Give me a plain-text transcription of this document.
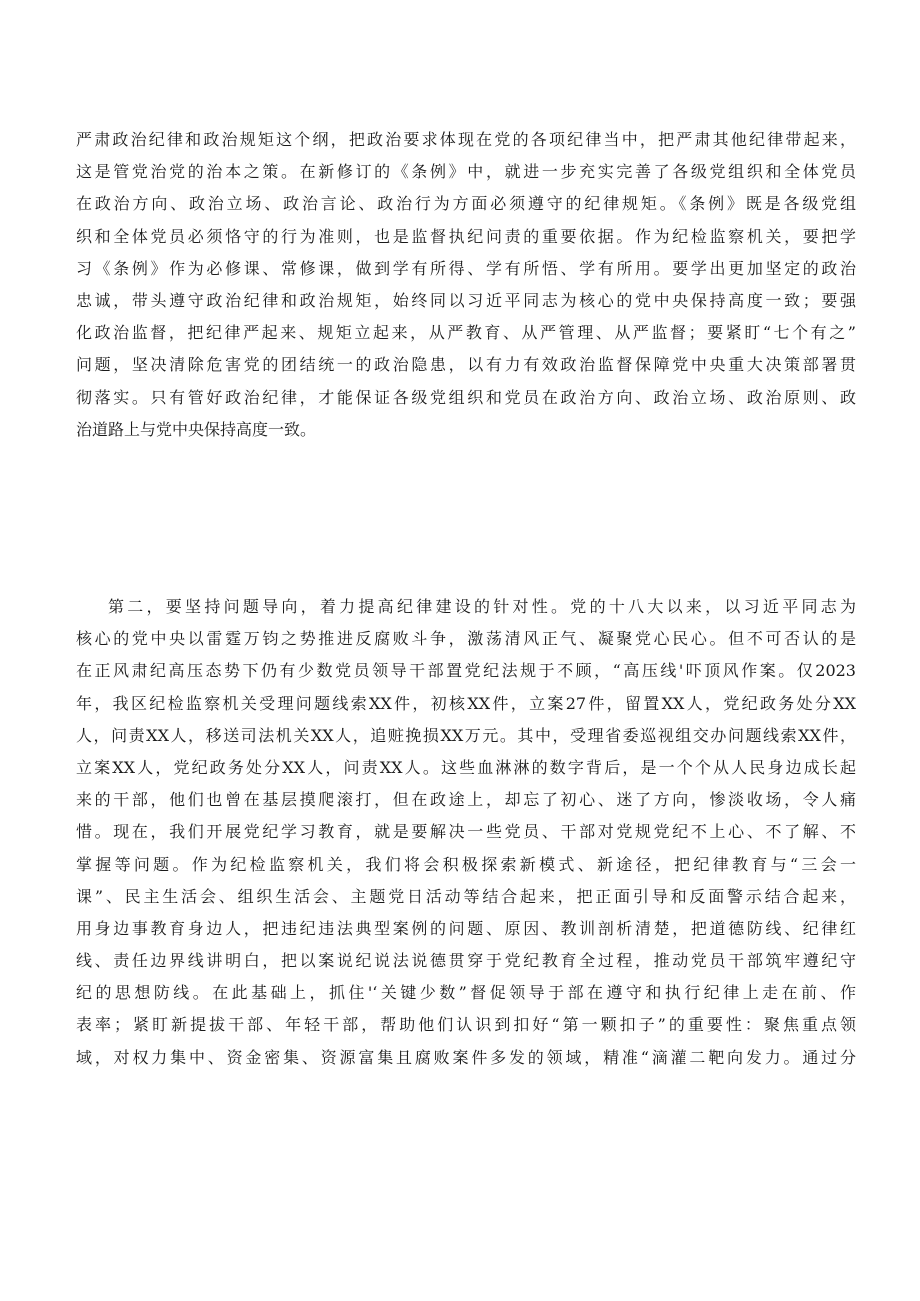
严肃政治纪律和政治规矩这个纲，把政治要求体现在党的各项纪律当中，把严肃其他纪律带起来，
这是管党治党的治本之策。在新修订的《条例》中，就进一步充实完善了各级党组织和全体党员
在政治方向、政治立场、政治言论、政治行为方面必须遵守的纪律规矩。《条例》既是各级党组
织和全体党员必须恪守的行为准则，也是监督执纪问责的重要依据。作为纪检监察机关，要把学
习《条例》作为必修课、常修课，做到学有所得、学有所悟、学有所用。要学出更加坚定的政治
忠诚，带头遵守政治纪律和政治规矩，始终同以习近平同志为核心的党中央保持高度一致；要强
化政治监督，把纪律严起来、规矩立起来，从严教育、从严管理、从严监督；要紧盯“七个有之”
问题，坚决清除危害党的团结统一的政治隐患，以有力有效政治监督保障党中央重大决策部署贯
彻落实。只有管好政治纪律，才能保证各级党组织和党员在政治方向、政治立场、政治原则、政
治道路上与党中央保持高度一致。
第二，要坚持问题导向，着力提高纪律建设的针对性。党的十八大以来，以习近平同志为
核心的党中央以雷霆万钧之势推进反腐败斗争，激荡清风正气、凝聚党心民心。但不可否认的是
在正风肃纪高压态势下仍有少数党员领导干部置党纪法规于不顾，“高压线'吓顶风作案。仅2023
年，我区纪检监察机关受理问题线索XX件，初核XX件，立案27件，留置XX人，党纪政务处分XX
人，问责XX人，移送司法机关XX人，追赃挽损XX万元。其中，受理省委巡视组交办问题线索XX件，
立案XX人，党纪政务处分XX人，问责XX人。这些血淋淋的数字背后，是一个个从人民身边成长起
来的干部，他们也曾在基层摸爬滚打，但在政途上，却忘了初心、迷了方向，惨淡收场，令人痛
惜。现在，我们开展党纪学习教育，就是要解决一些党员、干部对党规党纪不上心、不了解、不
掌握等问题。作为纪检监察机关，我们将会积极探索新模式、新途径，把纪律教育与“三会一
课”、民主生活会、组织生活会、主题党日活动等结合起来，把正面引导和反面警示结合起来，
用身边事教育身边人，把违纪违法典型案例的问题、原因、教训剖析清楚，把道德防线、纪律红
线、责任边界线讲明白，把以案说纪说法说德贯穿于党纪教育全过程，推动党员干部筑牢遵纪守
纪的思想防线。在此基础上，抓住'‘关键少数”督促领导于部在遵守和执行纪律上走在前、作
表率；紧盯新提拔干部、年轻干部，帮助他们认识到扣好“第一颗扣子”的重要性：聚焦重点领
域，对权力集中、资金密集、资源富集且腐败案件多发的领域，精准“滴灌二靶向发力。通过分
